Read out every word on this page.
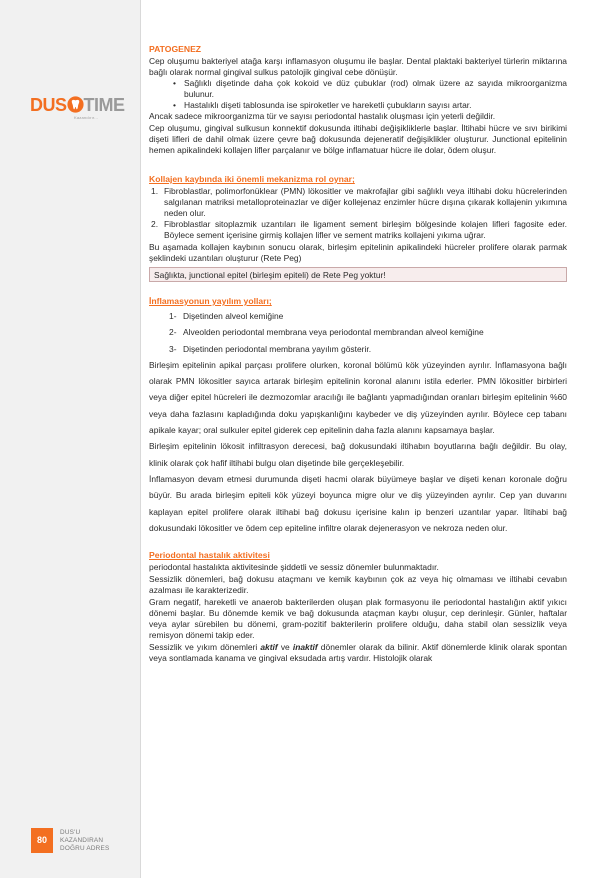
DUS TIME
Kazandırır...
80
DUS'U
KAZANDIRAN
DOĞRU ADRES
PATOGENEZ

Cep oluşumu bakteriyel atağa karşı inflamasyon oluşumu ile başlar. Dental plaktaki bakteriyel türlerin miktarına bağlı olarak normal gingival sulkus patolojik gingival cebe dönüşür.

• Sağlıklı dişetinde daha çok kokoid ve düz çubuklar (rod) olmak üzere az sayıda mikroorganizma bulunur.
• Hastalıklı dişeti tablosunda ise spiroketler ve hareketli çubukların sayısı artar.

Ancak sadece mikroorganizma tür ve sayısı periodontal hastalık oluşması için yeterli değildir.

Cep oluşumu, gingival sulkusun konnektif dokusunda iltihabi değişikliklerle başlar. İltihabi hücre ve sıvı birikimi dişeti lifleri de dahil olmak üzere çevre bağ dokusunda dejeneratif değişiklikler oluşturur. Junctional epitelinin hemen apikalindeki kollajen lifler parçalanır ve bölge inflamatuar hücre ile dolar, ödem oluşur.

Kollajen kaybında iki önemli mekanizma rol oynar;
1. Fibroblastlar, polimorfonüklear (PMN) lökositler ve makrofajlar gibi sağlıklı veya iltihabi doku hücrelerinden salgılanan matriksi metalloproteinazlar ve diğer kollejenaz enzimler hücre dışına çıkarak kollajenin yıkımına neden olur.
2. Fibroblastlar sitoplazmik uzantıları ile ligament sement birleşim bölgesinde kolajen lifleri fagosite eder. Böylece sement içerisine girmiş kollajen lifler ve sement matriks kollajeni yıkıma uğrar.

Bu aşamada kollajen kaybının sonucu olarak, birleşim epitelinin apikalindeki hücreler prolifere olarak parmak şeklindeki uzantıları oluşturur (Rete Peg)

Sağlıkta, junctional epitel (birleşim epiteli) de Rete Peg yoktur!
İnflamasyonun yayılım yolları;
1- Dişetinden alveol kemiğine
2- Alveolden periodontal membrana veya periodontal membrandan alveol kemiğine
3- Dişetinden periodontal membrana yayılım gösterir.

Birleşim epitelinin apikal parçası prolifere olurken, koronal bölümü kök yüzeyinden ayrılır. İnflamasyona bağlı olarak PMN lökositler sayıca artarak birleşim epitelinin koronal alanını istila ederler. PMN lökositler birbirleri veya diğer epitel hücreleri ile dezmozomlar aracılığı ile bağlantı yapmadığından oranları birleşim epitelinin %60 veya daha fazlasını kapladığında doku yapışkanlığını kaybeder ve diş yüzeyinden ayrılır. Böylece cep tabanı apikale kayar; oral sulkuler epitel giderek cep epitelinin daha fazla alanını kapsamaya başlar.

Birleşim epitelinin lökosit infiltrasyon derecesi, bağ dokusundaki iltihabın boyutlarına bağlı değildir. Bu olay, klinik olarak çok hafif iltihabi bulgu olan dişetinde bile gerçekleşebilir.

İnflamasyon devam etmesi durumunda dişeti hacmi olarak büyümeye başlar ve dişeti kenarı koronale doğru büyür. Bu arada birleşim epiteli kök yüzeyi boyunca migre olur ve diş yüzeyinden ayrılır. Cep yan duvarını kaplayan epitel prolifere olarak iltihabi bağ dokusu içerisine kalın ip benzeri uzantılar yapar. İltihabi bağ dokusundaki lökositler ve ödem cep epiteline infiltre olarak dejenerasyon ve nekroza neden olur.

Periodontal hastalık aktivitesi

periodontal hastalıkta aktivitesinde şiddetli ve sessiz dönemler bulunmaktadır.

Sessizlik dönemleri, bağ dokusu ataçmanı ve kemik kaybının çok az veya hiç olmaması ve iltihabi cevabın azalması ile karakterizedir.

Gram negatif, hareketli ve anaerob bakterilerden oluşan plak formasyonu ile periodontal hastalığın aktif yıkıcı dönemi başlar. Bu dönemde kemik ve bağ dokusunda ataçman kaybı oluşur, cep derinleşir. Günler, haftalar veya aylar sürebilen bu dönemi, gram-pozitif bakterilerin prolifere olduğu, daha stabil olan sessizlik veya remisyon dönemi takip eder.

Sessizlik ve yıkım dönemleri aktif ve inaktif dönemler olarak da bilinir. Aktif dönemlerde klinik olarak spontan veya sontlamada kanama ve gingival eksudada artış vardır. Histolojik olarak
